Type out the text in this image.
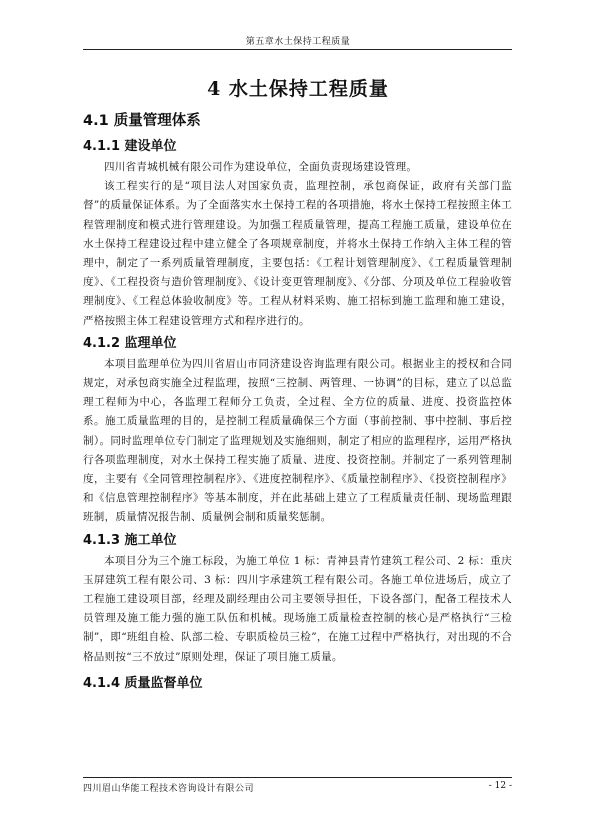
第五章水土保持工程质量
4 水土保持工程质量
4.1 质量管理体系
4.1.1 建设单位

四川省青城机械有限公司作为建设单位，全面负责现场建设管理。

该工程实行的是“项目法人对国家负责，监理控制，承包商保证，政府有关部门监督”的质量保证体系。为了全面落实水土保持工程的各项措施，将水土保持工程按照主体工程管理制度和模式进行管理建设。为加强工程质量管理，提高工程施工质量，建设单位在水土保持工程建设过程中建立健全了各项规章制度，并将水土保持工作纳入主体工程的管理中，制定了一系列质量管理制度，主要包括：《工程计划管理制度》、《工程质量管理制度》、《工程投资与造价管理制度》、《设计变更管理制度》、《分部、分项及单位工程验收管理制度》、《工程总体验收制度》等。工程从材料采购、施工招标到施工监理和施工建设，严格按照主体工程建设管理方式和程序进行的。

4.1.2 监理单位

本项目监理单位为四川省眉山市同济建设咨询监理有限公司。根据业主的授权和合同规定，对承包商实施全过程监理，按照“三控制、两管理、一协调”的目标，建立了以总监理工程师为中心，各监理工程师分工负责，全过程、全方位的质量、进度、投资监控体系。施工质量监理的目的，是控制工程质量确保三个方面（事前控制、事中控制、事后控制）。同时监理单位专门制定了监理规划及实施细则，制定了相应的监理程序，运用严格执行各项监理制度，对水土保持工程实施了质量、进度、投资控制。并制定了一系列管理制度，主要有《全同管理控制程序》、《进度控制程序》、《质量控制程序》、《投资控制程序》和《信息管理控制程序》等基本制度，并在此基础上建立了工程质量责任制、现场监理跟班制，质量情况报告制、质量例会制和质量奖惩制。

4.1.3 施工单位

本项目分为三个施工标段，为施工单位 1 标：青神县青竹建筑工程公司、2 标：重庆玉屏建筑工程有限公司、3 标：四川宇承建筑工程有限公司。各施工单位进场后，成立了工程施工建设项目部，经理及副经理由公司主要领导担任，下设各部门，配备工程技术人员管理及施工能力强的施工队伍和机械。现场施工质量检查控制的核心是严格执行“三检制”，即“班组自检、队部二检、专职质检员三检”，在施工过程中严格执行，对出现的不合格品则按“三不放过”原则处理，保证了项目施工质量。

4.1.4 质量监督单位
四川眉山华能工程技术咨询设计有限公司	- 12 -
